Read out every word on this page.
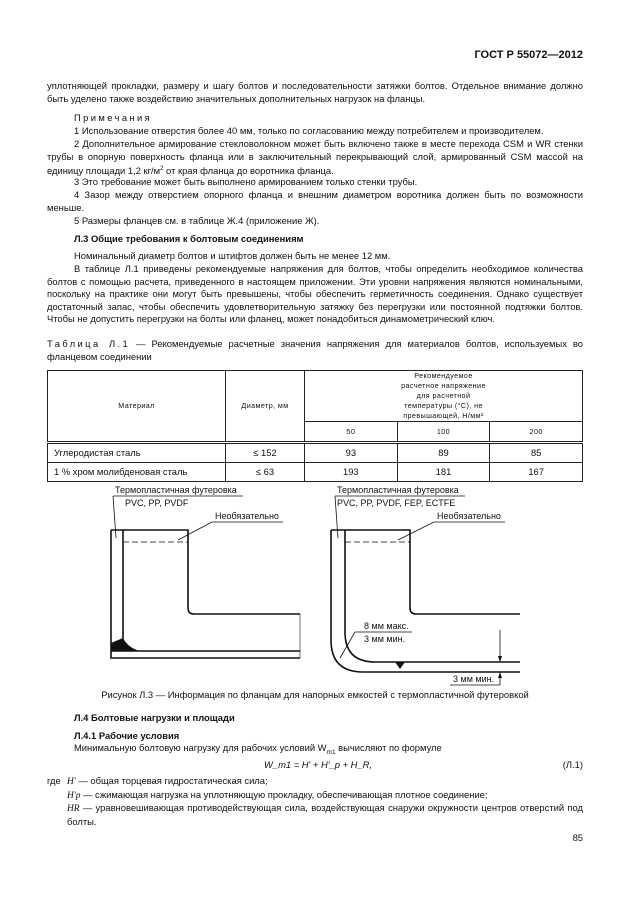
ГОСТ Р 55072—2012
уплотняющей прокладки, размеру и шагу болтов и последовательности затяжки болтов. Отдельное внимание должно быть уделено также воздействию значительных дополнительных нагрузок на фланцы.
Примечания
1 Использование отверстия более 40 мм, только по согласованию между потребителем и производителем.
2 Дополнительное армирование стекловолокном может быть включено также в месте перехода CSM и WR стенки трубы в опорную поверхность фланца или в заключительный перекрывающий слой, армированный CSM массой на единицу площади 1,2 $кг/м^2$ от края фланца до воротника фланца.
3 Это требование может быть выполнено армированием только стенки трубы.
4 Зазор между отверстием опорного фланца и внешним диаметром воротника должен быть по возможности меньше.
5 Размеры фланцев см. в таблице Ж.4 (приложение Ж).
Л.3 Общие требования к болтовым соединениям
Номинальный диаметр болтов и штифтов должен быть не менее 12 мм.
В таблице Л.1 приведены рекомендуемые напряжения для болтов, чтобы определить необходимое количества болтов с помощью расчета, приведенного в настоящем приложении. Эти уровни напряжения являются номинальными, поскольку на практике они могут быть превышены, чтобы обеспечить герметичность соединения. Однако существует достаточный запас, чтобы обеспечить удовлетворительную затяжку без перегрузки или постоянной подтяжки болтов. Чтобы не допустить перегрузки на болты или фланец, может понадобиться динамометрический ключ.
Таблица Л.1 — Рекомендуемые расчетные значения напряжения для материалов болтов, используемых во фланцевом соединении
Материал	Диаметр, мм	Рекомендуемое расчетное напряжение для расчетной температуры (°С), не превышающей, Н/мм²		
		50	100	200
Углеродистая сталь	≤ 152	93	89	85
1 % хром молибденовая сталь	≤ 63	193	181	167
Термопластичная футеровка
PVC, PP, PVDF
Необязательно
Термопластичная футеровка
PVC, PP, PVDF, FEP, ECTFE
Необязательно
8 мм макс.
3 мм мин.
3 мм мин.
Рисунок Л.3 — Информация по фланцам для напорных емкостей с термопластичной футеровкой
Л.4 Болтовые нагрузки и площади
Л.4.1 Рабочие условия
Минимальную болтовую нагрузку для рабочих условий $W_{m1}$ вычисляют по формуле
W_m1 = H' + H'_p + H_R,	(Л.1)
где H' — общая торцевая гидростатическая сила;
H'p — сжимающая нагрузка на уплотняющую прокладку, обеспечивающая плотное соединение;
HR — уравновешивающая противодействующая сила, воздействующая снаружи окружности центров отверстий под болты.
85
